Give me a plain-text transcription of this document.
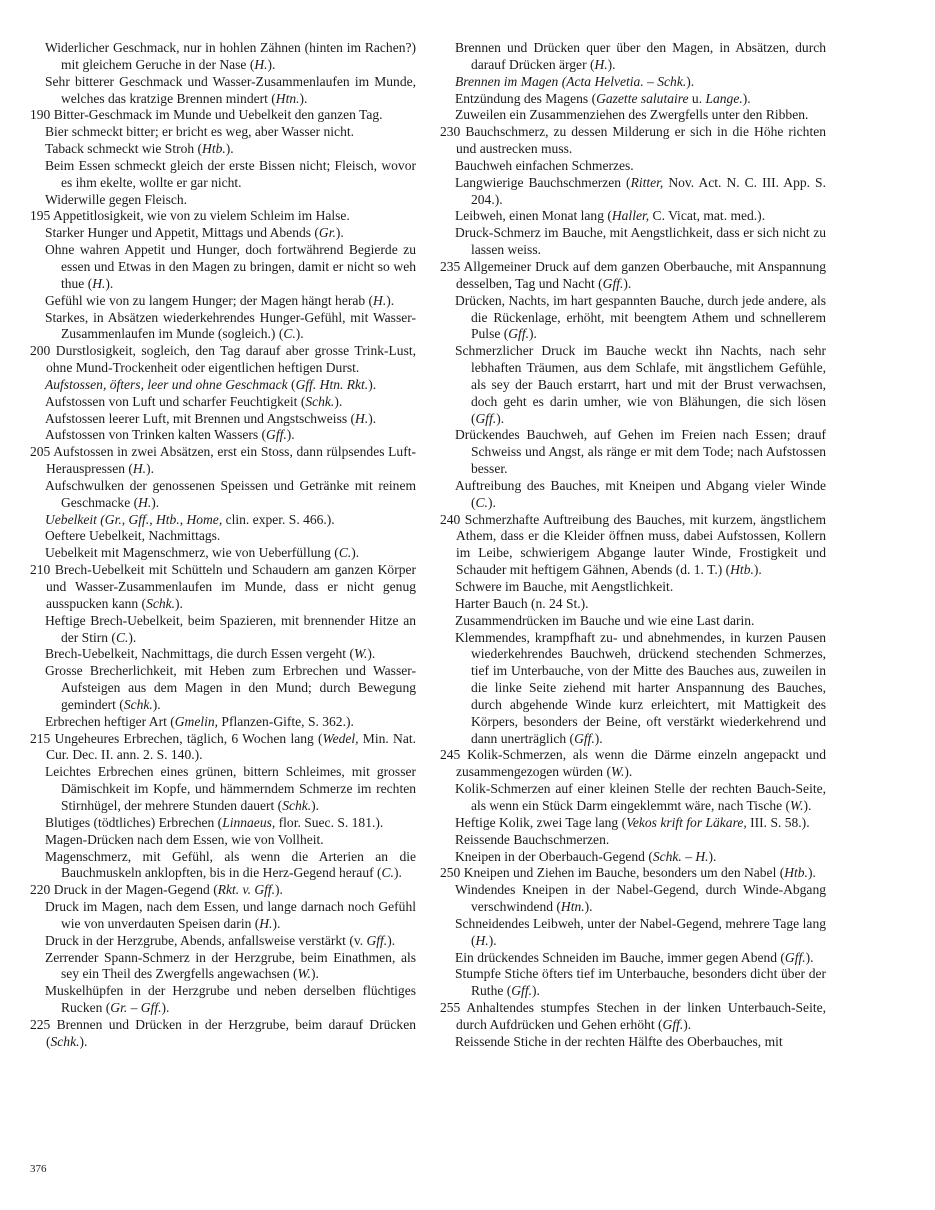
Widerlicher Geschmack, nur in hohlen Zähnen (hinten im Rachen?) mit gleichem Geruche in der Nase (H.).
Sehr bitterer Geschmack und Wasser-Zusammenlaufen im Munde, welches das kratzige Brennen mindert (Htn.).
190 Bitter-Geschmack im Munde und Uebelkeit den ganzen Tag.
Bier schmeckt bitter; er bricht es weg, aber Wasser nicht.
Taback schmeckt wie Stroh (Htb.).
Beim Essen schmeckt gleich der erste Bissen nicht; Fleisch, wovor es ihm ekelte, wollte er gar nicht.
Widerwille gegen Fleisch.
195 Appetitlosigkeit, wie von zu vielem Schleim im Halse.
Starker Hunger und Appetit, Mittags und Abends (Gr.).
Ohne wahren Appetit und Hunger, doch fortwährend Begierde zu essen und Etwas in den Magen zu bringen, damit er nicht so weh thue (H.).
Gefühl wie von zu langem Hunger; der Magen hängt herab (H.).
Starkes, in Absätzen wiederkehrendes Hunger-Gefühl, mit Wasser-Zusammenlaufen im Munde (sogleich.) (C.).
200 Durstlosigkeit, sogleich, den Tag darauf aber grosse Trink-Lust, ohne Mund-Trockenheit oder eigentlichen heftigen Durst.
Aufstossen, öfters, leer und ohne Geschmack (Gff. Htn. Rkt.).
Aufstossen von Luft und scharfer Feuchtigkeit (Schk.).
Aufstossen leerer Luft, mit Brennen und Angstschweiss (H.).
Aufstossen von Trinken kalten Wassers (Gff.).
205 Aufstossen in zwei Absätzen, erst ein Stoss, dann rülpsendes Luft-Herauspressen (H.).
Aufschwulken der genossenen Speissen und Getränke mit reinem Geschmacke (H.).
Uebelkeit (Gr., Gff., Htb., Home, clin. exper. S. 466.).
Oeftere Uebelkeit, Nachmittags.
Uebelkeit mit Magenschmerz, wie von Ueberfüllung (C.).
210 Brech-Uebelkeit mit Schütteln und Schaudern am ganzen Körper und Wasser-Zusammenlaufen im Munde, dass er nicht genug ausspucken kann (Schk.).
Heftige Brech-Uebelkeit, beim Spazieren, mit brennender Hitze an der Stirn (C.).
Brech-Uebelkeit, Nachmittags, die durch Essen vergeht (W.).
Grosse Brecherlichkeit, mit Heben zum Erbrechen und Wasser-Aufsteigen aus dem Magen in den Mund; durch Bewegung gemindert (Schk.).
Erbrechen heftiger Art (Gmelin, Pflanzen-Gifte, S. 362.).
215 Ungeheures Erbrechen, täglich, 6 Wochen lang (Wedel, Min. Nat. Cur. Dec. II. ann. 2. S. 140.).
Leichtes Erbrechen eines grünen, bittern Schleimes, mit grosser Dämischkeit im Kopfe, und hämmerndem Schmerze im rechten Stirnhügel, der mehrere Stunden dauert (Schk.).
Blutiges (tödtliches) Erbrechen (Linnaeus, flor. Suec. S. 181.).
Magen-Drücken nach dem Essen, wie von Vollheit.
Magenschmerz, mit Gefühl, als wenn die Arterien an die Bauchmuskeln anklopften, bis in die Herz-Gegend herauf (C.).
220 Druck in der Magen-Gegend (Rkt. v. Gff.).
Druck im Magen, nach dem Essen, und lange darnach noch Gefühl wie von unverdauten Speisen darin (H.).
Druck in der Herzgrube, Abends, anfallsweise verstärkt (v. Gff.).
Zerrender Spann-Schmerz in der Herzgrube, beim Einathmen, als sey ein Theil des Zwergfells angewachsen (W.).
Muskelhüpfen in der Herzgrube und neben derselben flüchtiges Rucken (Gr. – Gff.).
225 Brennen und Drücken in der Herzgrube, beim darauf Drücken (Schk.).
Brennen und Drücken quer über den Magen, in Absätzen, durch darauf Drücken ärger (H.).
Brennen im Magen (Acta Helvetia. – Schk.).
Entzündung des Magens (Gazette salutaire u. Lange.).
Zuweilen ein Zusammenziehen des Zwergfells unter den Ribben.
230 Bauchschmerz, zu dessen Milderung er sich in die Höhe richten und austrecken muss.
Bauchweh einfachen Schmerzes.
Langwierige Bauchschmerzen (Ritter, Nov. Act. N. C. III. App. S. 204.).
Leibweh, einen Monat lang (Haller, C. Vicat, mat. med.).
Druck-Schmerz im Bauche, mit Aengstlichkeit, dass er sich nicht zu lassen weiss.
235 Allgemeiner Druck auf dem ganzen Oberbauche, mit Anspannung desselben, Tag und Nacht (Gff.).
Drücken, Nachts, im hart gespannten Bauche, durch jede andere, als die Rückenlage, erhöht, mit beengtem Athem und schnellerem Pulse (Gff.).
Schmerzlicher Druck im Bauche weckt ihn Nachts, nach sehr lebhaften Träumen, aus dem Schlafe, mit ängstlichem Gefühle, als sey der Bauch erstarrt, hart und mit der Brust verwachsen, doch geht es darin umher, wie von Blähungen, die sich lösen (Gff.).
Drückendes Bauchweh, auf Gehen im Freien nach Essen; drauf Schweiss und Angst, als ränge er mit dem Tode; nach Aufstossen besser.
Auftreibung des Bauches, mit Kneipen und Abgang vieler Winde (C.).
240 Schmerzhafte Auftreibung des Bauches, mit kurzem, ängstlichem Athem, dass er die Kleider öffnen muss, dabei Aufstossen, Kollern im Leibe, schwierigem Abgange lauter Winde, Frostigkeit und Schauder mit heftigem Gähnen, Abends (d. 1. T.) (Htb.).
Schwere im Bauche, mit Aengstlichkeit.
Harter Bauch (n. 24 St.).
Zusammendrücken im Bauche und wie eine Last darin.
Klemmendes, krampfhaft zu- und abnehmendes, in kurzen Pausen wiederkehrendes Bauchweh, drückend stechenden Schmerzes, tief im Unterbauche, von der Mitte des Bauches aus, zuweilen in die linke Seite ziehend mit harter Anspannung des Bauches, durch abgehende Winde kurz erleichtert, mit Mattigkeit des Körpers, besonders der Beine, oft verstärkt wiederkehrend und dann unerträglich (Gff.).
245 Kolik-Schmerzen, als wenn die Därme einzeln angepackt und zusammengezogen würden (W.).
Kolik-Schmerzen auf einer kleinen Stelle der rechten Bauch-Seite, als wenn ein Stück Darm eingeklemmt wäre, nach Tische (W.).
Heftige Kolik, zwei Tage lang (Vekos krift for Läkare, III. S. 58.).
Reissende Bauchschmerzen.
Kneipen in der Oberbauch-Gegend (Schk. – H.).
250 Kneipen und Ziehen im Bauche, besonders um den Nabel (Htb.).
Windendes Kneipen in der Nabel-Gegend, durch Winde-Abgang verschwindend (Htn.).
Schneidendes Leibweh, unter der Nabel-Gegend, mehrere Tage lang (H.).
Ein drückendes Schneiden im Bauche, immer gegen Abend (Gff.).
Stumpfe Stiche öfters tief im Unterbauche, besonders dicht über der Ruthe (Gff.).
255 Anhaltendes stumpfes Stechen in der linken Unterbauch-Seite, durch Aufdrücken und Gehen erhöht (Gff.).
Reissende Stiche in der rechten Hälfte des Oberbauches, mit
376
